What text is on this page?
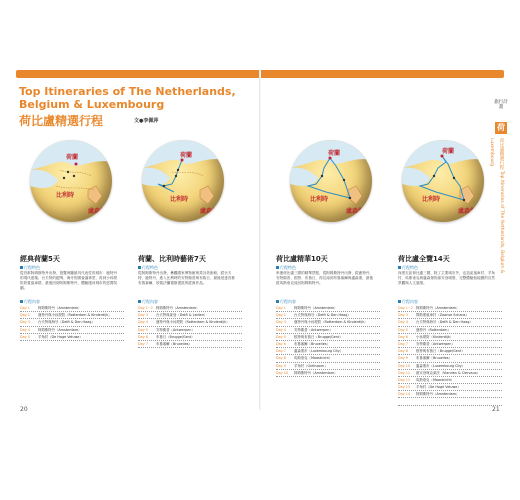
Top Itineraries of The Netherlands, Belgium & Luxembourg
荷比盧精選行程	文●李佩萍
旅行計畫
荷
荷比盧精選行程 Top Itineraries of The Netherlands, Belgium & Luxembourg
荷蘭
比利時
盧森堡
荷蘭
比利時
盧森堡
荷蘭
比利時
盧森堡
荷蘭
比利時
盧森堡
經典荷蘭5天
行程特色
從首都阿姆斯特丹出發，遊覽荷蘭最具代表性的城市：鹿特丹的現代建築、台夫特的藍陶、海牙的國會議事堂，再到小孩堤防欣賞風車群，最後回到阿姆斯特丹，體驗運河城市的悠閒氛圍。
行程內容
Day 1 阿姆斯特丹（Amsterdam）
Day 2 鹿特丹與小孩堤防（Rotterdam & Kinderdijk）
Day 3 台夫特與海牙（Delft & Den Haag）
Day 4 阿姆斯特丹（Amsterdam）
Day 5 羊角村（De Hoge Veluwe）
荷蘭、比利時藝術7天
行程特色
從阿姆斯特丹出發，參觀國家博物館與梵谷美術館，經台夫特、鹿特丹，進入比利時的安特衛普與布魯日，最後抵達首都布魯塞爾，欣賞法蘭德斯畫派的經典作品。
行程內容
Day 1~2 阿姆斯特丹（Amsterdam）
Day 3 台夫特與萊登（Delft & Leiden）
Day 4 鹿特丹與小孩堤防（Rotterdam & Kinderdijk）
Day 5 安特衛普（Antwerpen）
Day 6 布魯日（Brugge/Gent）
Day 7 布魯塞爾（Bruxelles）
荷比盧精華10天
行程特色
串連荷比盧三國的精華景點，從阿姆斯特丹出發，經鹿特丹、安特衛普、根特、布魯日，再往南到布魯塞爾與盧森堡，最後經馬斯垂克返回阿姆斯特丹。
行程內容
Day 1 阿姆斯特丹（Amsterdam）
Day 2 台夫特與海牙（Delft & Den Haag）
Day 3 鹿特丹與小孩堤防（Rotterdam & Kinderdijk）
Day 4 安特衛普（Antwerpen）
Day 5 根特與布魯日（Brugge/Gent）
Day 6 布魯塞爾（Bruxelles）
Day 7 盧森堡市（Luxembourg City）
Day 8 馬斯垂克（Maastricht）
Day 9 羊角村（Giethoorn）
Day 10 阿姆斯特丹（Amsterdam）
荷比盧全覽14天
行程特色
深度走訪荷比盧三國，除了主要城市外，也造訪風車村、羊角村、馬斯垂克與盧森堡的維安登城堡，完整體驗低地國的自然景觀與人文風情。
行程內容
Day 1~2 阿姆斯特丹（Amsterdam）
Day 3 贊斯堡風車村（Zaanse Schans）
Day 4 台夫特與海牙（Delft & Den Haag）
Day 5 鹿特丹（Rotterdam）
Day 6 小孩堤防（Kinderdijk）
Day 7 安特衛普（Antwerpen）
Day 8 根特與布魯日（Brugge/Gent）
Day 9 布魯塞爾（Bruxelles）
Day 10 盧森堡市（Luxembourg City）
Day 11 維安登與克萊沃（Vianden & Clervaux）
Day 12 馬斯垂克（Maastricht）
Day 13 羊角村（De Hoge Veluwe）
Day 14 阿姆斯特丹（Amsterdam）
20	21
